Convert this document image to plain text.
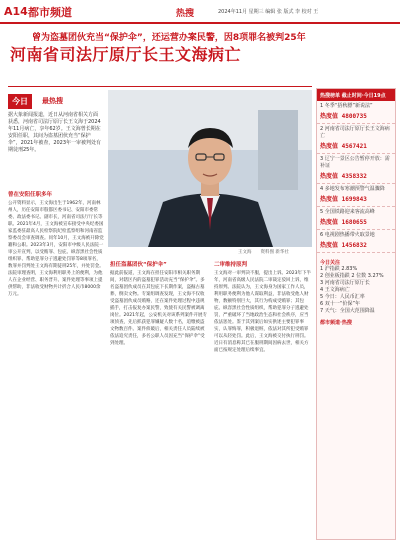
A14 都市频道	热搜	2024年11月 星期三 编辑 张 版式 李 校对 王
曾为盗墓团伙充当“保护伞”，还运营办案民警，因8项罪名被判25年
河南省司法厅原厅长王文海病亡
今日	最热搜
据大象新闻报道，近日从河南省相关方面获悉，河南省司法厅原厅长王文海于2024年11月病亡，享年62岁。王文海曾长期在安阳任职，其间为盗墓团伙充当“保护伞”，2021年被查，2023年一审被判处有期徒刑25年。
王文海　　资料图 新华社
曾在安阳任职多年
公开资料显示，王文海出生于1962年，河南林州人，历任安阳市殷都区委书记、安阳市委常委、政法委书记、副市长，河南省司法厅厅长等职。2021年4月，王文海被宣布接受中央纪委国家监委驻最高人民检察院纪检监察组和河南省监察委员会审查调查。同年10月，王文海被开除党籍和公职。2023年3月，安阳市中级人民法院一审公开宣判，以受贿罪、包庇、纵容黑社会性质组织罪、帮助犯罪分子逃避处罚罪等8项罪名，数罪并罚判处王文海有期徒刑25年，并处罚金。法院审理查明，王文海利用职务上的便利，为他人在企业经营、职务晋升、案件处理等事项上提供帮助，非法收受财物共计折合人民币8000余万元。
担任盗墓团伙“保护伞”
据此前报道，王文海在担任安阳市相关职务期间，对辖区内的盗墓犯罪活动充当“保护伞”。多名盗墓团伙成员在其包庇下长期作案，盗掘古墓葬，倒卖文物。专案组调查发现，王文海不仅收受盗墓团伙成员贿赂，还在案件处理过程中违规插手，打击报复办案民警，致使有关民警被调离岗位。2021年起，公安机关对该系列案件开展专项侦查，先后抓获犯罪嫌疑人数十名，追缴被盗文物数百件。案件侦破后，相关责任人员陆续被依法追究责任，多名公职人员因充当“保护伞”受到处理。
二审维持原判
王文海对一审判决不服，提出上诉。2023年下半年，河南省高级人民法院二审裁定驳回上诉，维持原判。法院认为，王文海身为国家工作人员，利用职务便利为他人谋取利益，非法收受他人财物，数额特别巨大，其行为构成受贿罪；其包庇、纵容黑社会性质组织，帮助犯罪分子逃避处罚，严重破坏了当地政治生态和社会秩序，应当依法惩处。鉴于其到案后如实供述主要犯罪事实，认罪悔罪，积极退赃，依法对其所犯受贿罪可以从轻处罚。此后，王文海被交付执行刑罚。近日有消息称其已在服刑期间因病去世，相关方面已按规定处理后续事宜。
热搜榜单 截止时间·今日19点
1 冬季“捂秋膘”新说法”
热度值 4800735
2 河南省司法厅原厅长王文海病亡
热度值 4567421
3 辽宁一景区公告暂停开放：需补证
热度值 4358332
4 多地发布寒潮预警气温骤降
热度值 1699843
5 全国铁路迎来客流高峰
热度值 1680655
6 电视剧热播带火取景地
热度值 1456832
今日关注
1 沪指跌 2.83%
2 创业板指跌 2 位数 3.27%
3 河南省司法厅原厅长
4 王文海病亡
5 今日：人民币汇率
6 双十一“价保”年
7 天气：全国大范围降温
都市频道·热搜
